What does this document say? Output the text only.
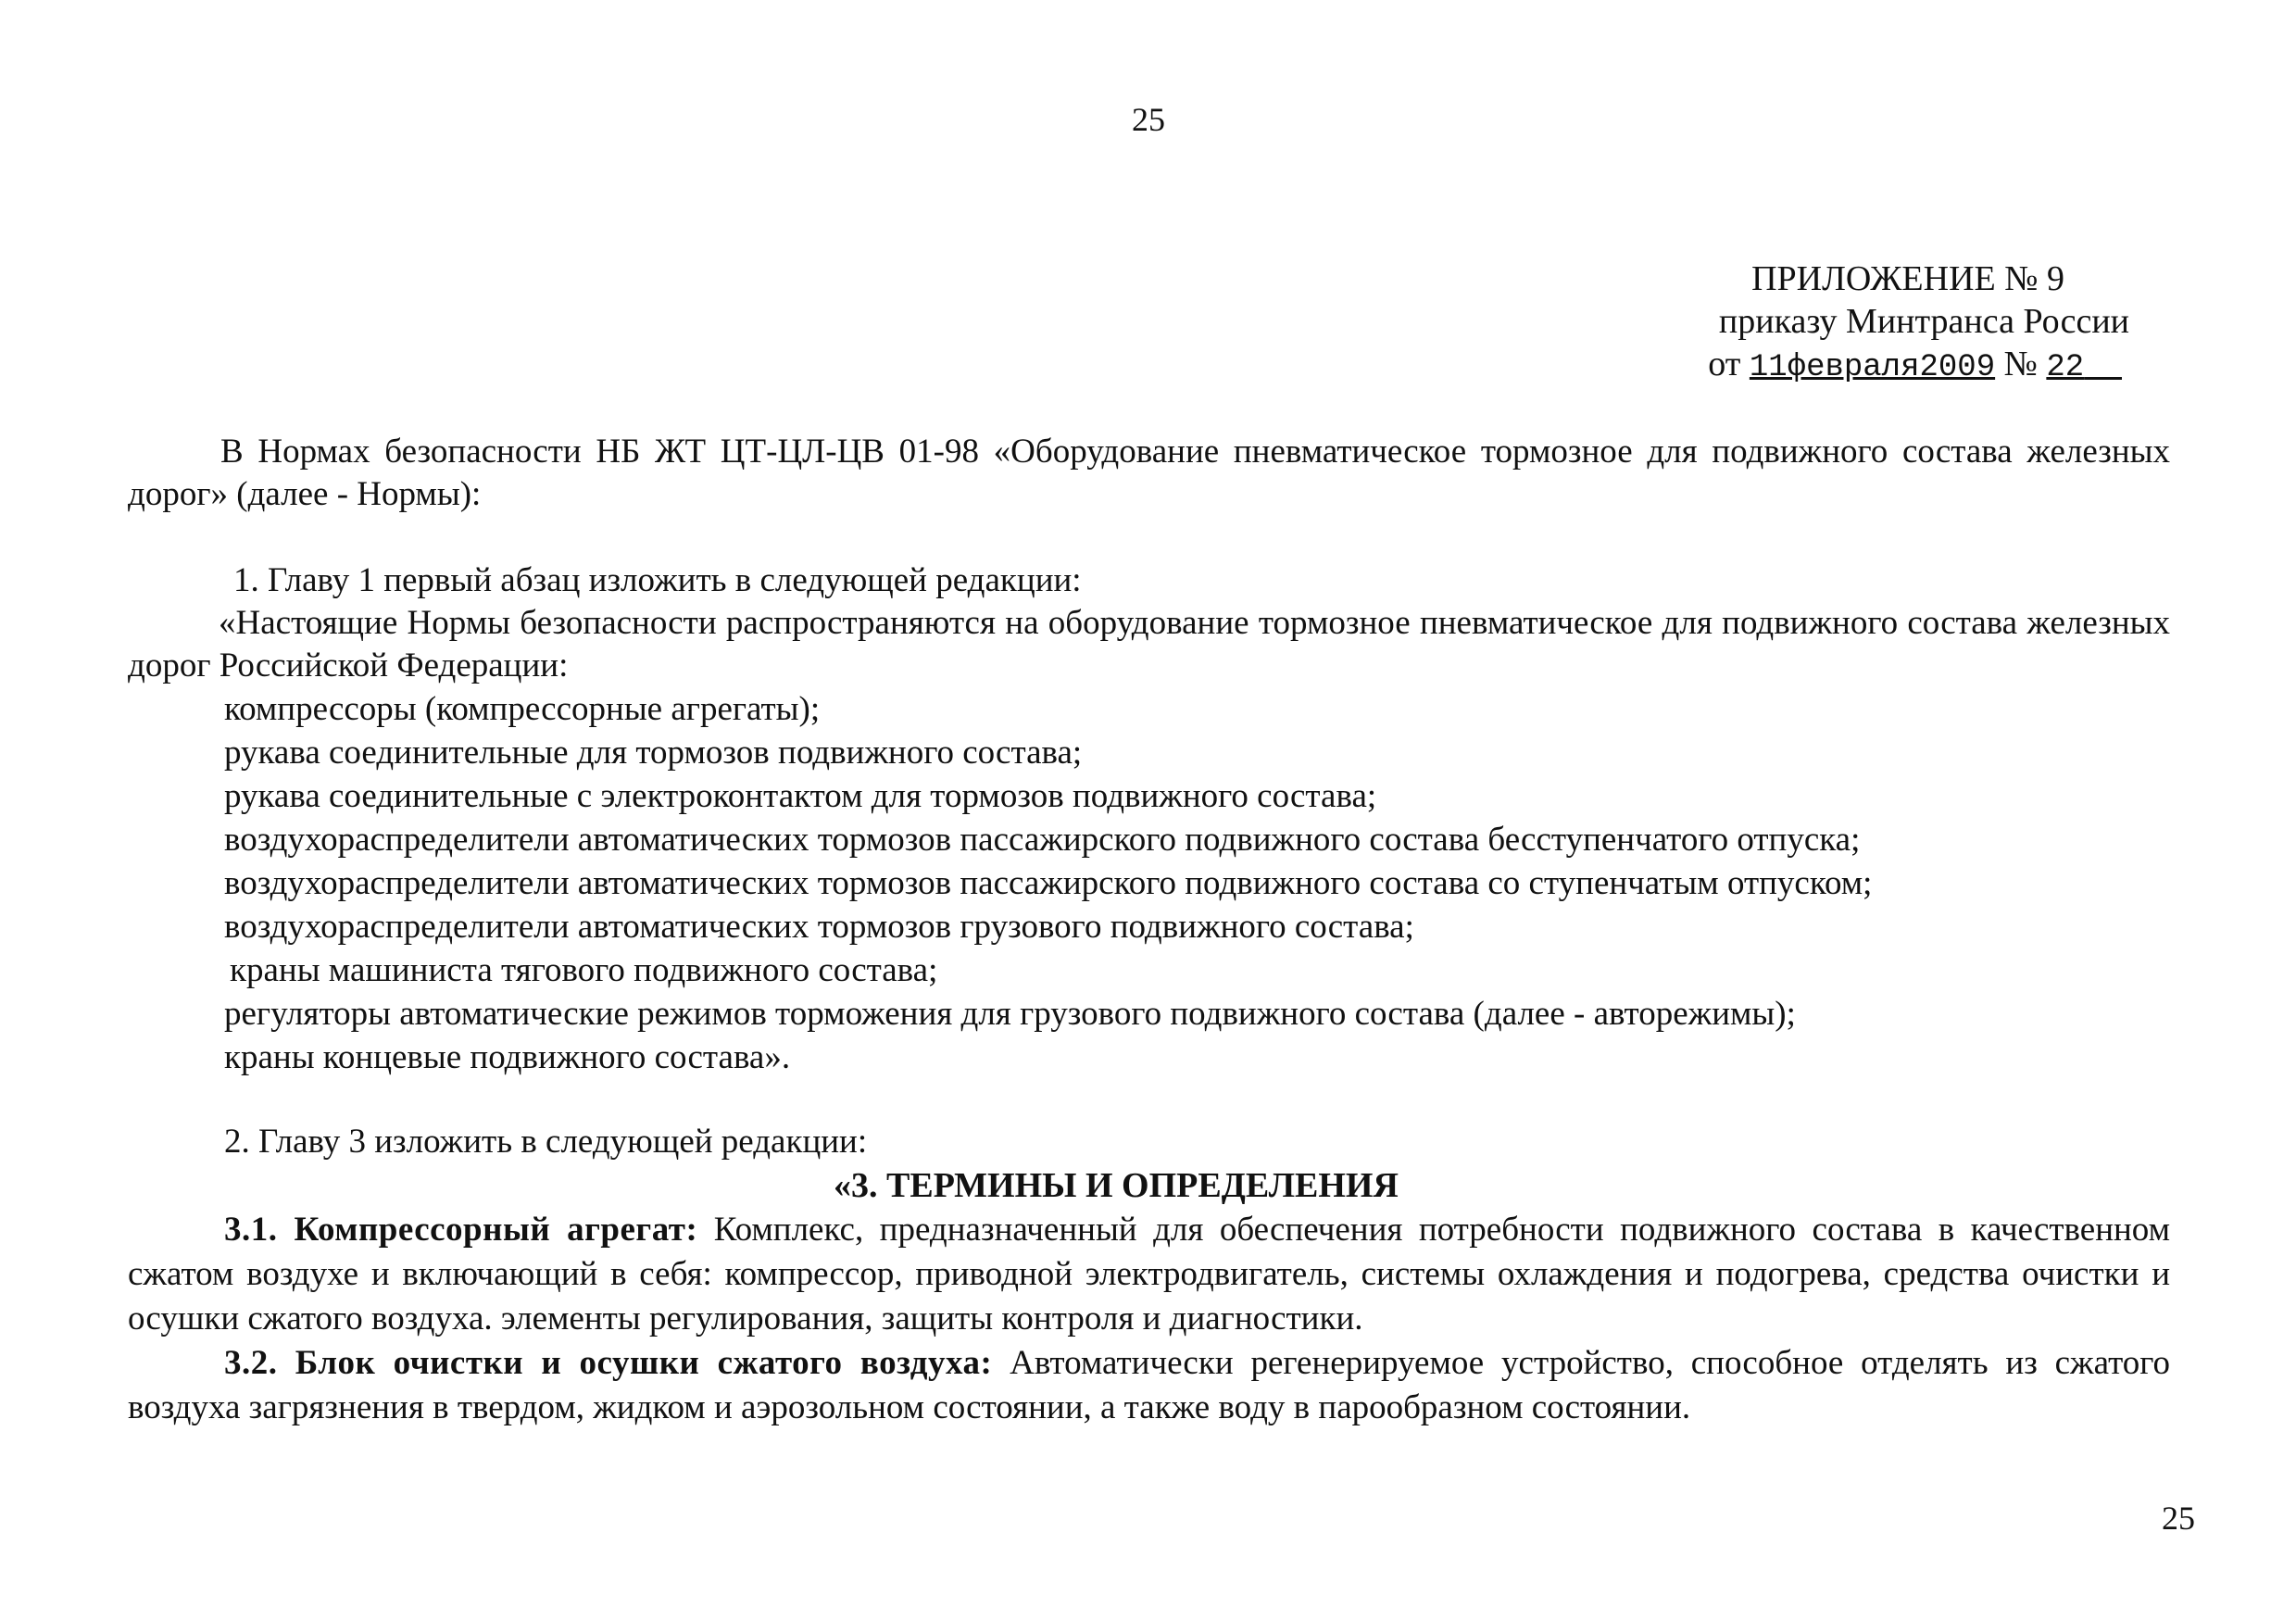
25
ПРИЛОЖЕНИЕ № 9
приказу Минтранса России
от 11февраля2009 № 22

В Нормах безопасности НБ ЖТ ЦТ-ЦЛ-ЦВ 01-98 «Оборудование пневматическое тормозное для подвижного состава железных дорог» (далее - Нормы):

1. Главу 1 первый абзац изложить в следующей редакции:

«Настоящие Нормы безопасности распространяются на оборудование тормозное пневматическое для подвижного состава железных дорог Российской Федерации:

компрессоры (компрессорные агрегаты);

рукава соединительные для тормозов подвижного состава;

рукава соединительные с электроконтактом для тормозов подвижного состава;

воздухораспределители автоматических тормозов пассажирского подвижного состава бесступенчатого отпуска;

воздухораспределители автоматических тормозов пассажирского подвижного состава со ступенчатым отпуском;

воздухораспределители автоматических тормозов грузового подвижного состава;

краны машиниста тягового подвижного состава;

регуляторы автоматические режимов торможения для грузового подвижного состава (далее - авторежимы);

краны концевые подвижного состава».

2. Главу 3 изложить в следующей редакции:

«3. ТЕРМИНЫ И ОПРЕДЕЛЕНИЯ

3.1. Компрессорный агрегат: Комплекс, предназначенный для обеспечения потребности подвижного состава в качественном сжатом воздухе и включающий в себя: компрессор, приводной электродвигатель, системы охлаждения и подогрева, средства очистки и осушки сжатого воздуха. элементы регулирования, защиты контроля и диагностики.

3.2. Блок очистки и осушки сжатого воздуха: Автоматически регенерируемое устройство, способное отделять из сжатого воздуха загрязнения в твердом, жидком и аэрозольном состоянии, а также воду в парообразном состоянии.

25
